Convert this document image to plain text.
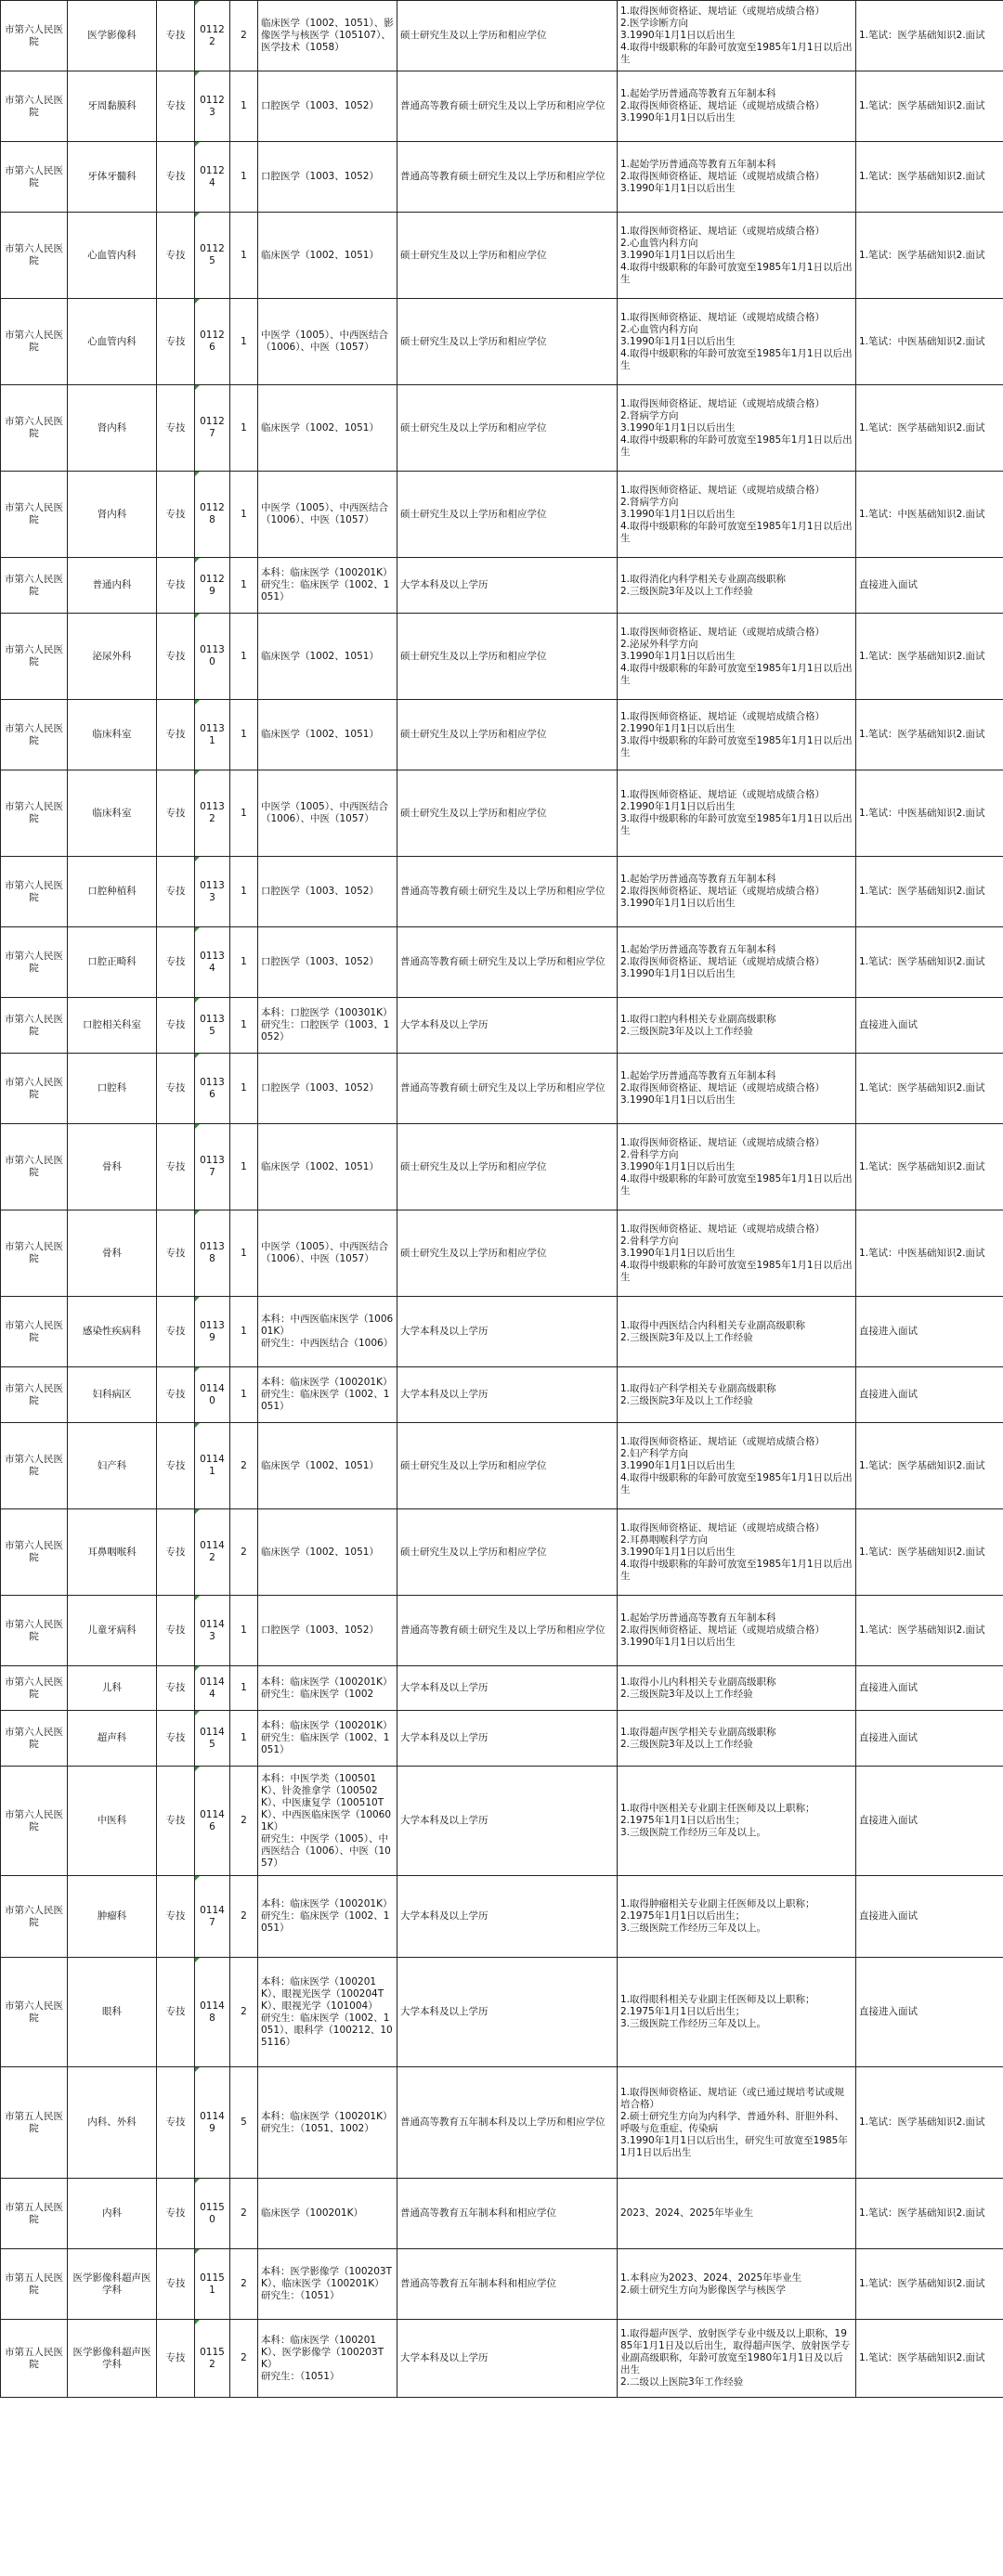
市第六人民医院	医学影像科	专技	01122	2	临床医学（1002、1051）、影像医学与核医学（105107）、医学技术（1058）	硕士研究生及以上学历和相应学位	1.取得医师资格证、规培证（或规培成绩合格）
2.医学诊断方向
3.1990年1月1日以后出生
4.取得中级职称的年龄可放宽至1985年1月1日以后出生	1.笔试：医学基础知识2.面试
市第六人民医院	牙周黏膜科	专技	01123	1	口腔医学（1003、1052）	普通高等教育硕士研究生及以上学历和相应学位	1.起始学历普通高等教育五年制本科
2.取得医师资格证、规培证（或规培成绩合格）
3.1990年1月1日以后出生	1.笔试：医学基础知识2.面试
市第六人民医院	牙体牙髓科	专技	01124	1	口腔医学（1003、1052）	普通高等教育硕士研究生及以上学历和相应学位	1.起始学历普通高等教育五年制本科
2.取得医师资格证、规培证（或规培成绩合格）
3.1990年1月1日以后出生	1.笔试：医学基础知识2.面试
市第六人民医院	心血管内科	专技	01125	1	临床医学（1002、1051）	硕士研究生及以上学历和相应学位	1.取得医师资格证、规培证（或规培成绩合格）
2.心血管内科方向
3.1990年1月1日以后出生
4.取得中级职称的年龄可放宽至1985年1月1日以后出生	1.笔试：医学基础知识2.面试
市第六人民医院	心血管内科	专技	01126	1	中医学（1005）、中西医结合（1006）、中医（1057）	硕士研究生及以上学历和相应学位	1.取得医师资格证、规培证（或规培成绩合格）
2.心血管内科方向
3.1990年1月1日以后出生
4.取得中级职称的年龄可放宽至1985年1月1日以后出生	1.笔试：中医基础知识2.面试
市第六人民医院	肾内科	专技	01127	1	临床医学（1002、1051）	硕士研究生及以上学历和相应学位	1.取得医师资格证、规培证（或规培成绩合格）
2.肾病学方向
3.1990年1月1日以后出生
4.取得中级职称的年龄可放宽至1985年1月1日以后出生	1.笔试：医学基础知识2.面试
市第六人民医院	肾内科	专技	01128	1	中医学（1005）、中西医结合（1006）、中医（1057）	硕士研究生及以上学历和相应学位	1.取得医师资格证、规培证（或规培成绩合格）
2.肾病学方向
3.1990年1月1日以后出生
4.取得中级职称的年龄可放宽至1985年1月1日以后出生	1.笔试：中医基础知识2.面试
市第六人民医院	普通内科	专技	01129	1	本科：临床医学（100201K）
研究生：临床医学（1002、1051）	大学本科及以上学历	1.取得消化内科学相关专业副高级职称
2.三级医院3年及以上工作经验	直接进入面试
市第六人民医院	泌尿外科	专技	01130	1	临床医学（1002、1051）	硕士研究生及以上学历和相应学位	1.取得医师资格证、规培证（或规培成绩合格）
2.泌尿外科学方向
3.1990年1月1日以后出生
4.取得中级职称的年龄可放宽至1985年1月1日以后出生	1.笔试：医学基础知识2.面试
市第六人民医院	临床科室	专技	01131	1	临床医学（1002、1051）	硕士研究生及以上学历和相应学位	1.取得医师资格证、规培证（或规培成绩合格）
2.1990年1月1日以后出生
3.取得中级职称的年龄可放宽至1985年1月1日以后出生	1.笔试：医学基础知识2.面试
市第六人民医院	临床科室	专技	01132	1	中医学（1005）、中西医结合（1006）、中医（1057）	硕士研究生及以上学历和相应学位	1.取得医师资格证、规培证（或规培成绩合格）
2.1990年1月1日以后出生
3.取得中级职称的年龄可放宽至1985年1月1日以后出生	1.笔试：中医基础知识2.面试
市第六人民医院	口腔种植科	专技	01133	1	口腔医学（1003、1052）	普通高等教育硕士研究生及以上学历和相应学位	1.起始学历普通高等教育五年制本科
2.取得医师资格证、规培证（或规培成绩合格）
3.1990年1月1日以后出生	1.笔试：医学基础知识2.面试
市第六人民医院	口腔正畸科	专技	01134	1	口腔医学（1003、1052）	普通高等教育硕士研究生及以上学历和相应学位	1.起始学历普通高等教育五年制本科
2.取得医师资格证、规培证（或规培成绩合格）
3.1990年1月1日以后出生	1.笔试：医学基础知识2.面试
市第六人民医院	口腔相关科室	专技	01135	1	本科：口腔医学（100301K）
研究生：口腔医学（1003、1052）	大学本科及以上学历	1.取得口腔内科相关专业副高级职称
2.三级医院3年及以上工作经验	直接进入面试
市第六人民医院	口腔科	专技	01136	1	口腔医学（1003、1052）	普通高等教育硕士研究生及以上学历和相应学位	1.起始学历普通高等教育五年制本科
2.取得医师资格证、规培证（或规培成绩合格）
3.1990年1月1日以后出生	1.笔试：医学基础知识2.面试
市第六人民医院	骨科	专技	01137	1	临床医学（1002、1051）	硕士研究生及以上学历和相应学位	1.取得医师资格证、规培证（或规培成绩合格）
2.骨科学方向
3.1990年1月1日以后出生
4.取得中级职称的年龄可放宽至1985年1月1日以后出生	1.笔试：医学基础知识2.面试
市第六人民医院	骨科	专技	01138	1	中医学（1005）、中西医结合（1006）、中医（1057）	硕士研究生及以上学历和相应学位	1.取得医师资格证、规培证（或规培成绩合格）
2.骨科学方向
3.1990年1月1日以后出生
4.取得中级职称的年龄可放宽至1985年1月1日以后出生	1.笔试：中医基础知识2.面试
市第六人民医院	感染性疾病科	专技	01139	1	本科：中西医临床医学（100601K）
研究生：中西医结合（1006）	大学本科及以上学历	1.取得中西医结合内科相关专业副高级职称
2.三级医院3年及以上工作经验	直接进入面试
市第六人民医院	妇科病区	专技	01140	1	本科：临床医学（100201K）
研究生：临床医学（1002、1051）	大学本科及以上学历	1.取得妇产科学相关专业副高级职称
2.三级医院3年及以上工作经验	直接进入面试
市第六人民医院	妇产科	专技	01141	2	临床医学（1002、1051）	硕士研究生及以上学历和相应学位	1.取得医师资格证、规培证（或规培成绩合格）
2.妇产科学方向
3.1990年1月1日以后出生
4.取得中级职称的年龄可放宽至1985年1月1日以后出生	1.笔试：医学基础知识2.面试
市第六人民医院	耳鼻咽喉科	专技	01142	2	临床医学（1002、1051）	硕士研究生及以上学历和相应学位	1.取得医师资格证、规培证（或规培成绩合格）
2.耳鼻咽喉科学方向
3.1990年1月1日以后出生
4.取得中级职称的年龄可放宽至1985年1月1日以后出生	1.笔试：医学基础知识2.面试
市第六人民医院	儿童牙病科	专技	01143	1	口腔医学（1003、1052）	普通高等教育硕士研究生及以上学历和相应学位	1.起始学历普通高等教育五年制本科
2.取得医师资格证、规培证（或规培成绩合格）
3.1990年1月1日以后出生	1.笔试：医学基础知识2.面试
市第六人民医院	儿科	专技	01144	1	本科：临床医学（100201K）
研究生：临床医学（1002	大学本科及以上学历	1.取得小儿内科相关专业副高级职称
2.三级医院3年及以上工作经验	直接进入面试
市第六人民医院	超声科	专技	01145	1	本科：临床医学（100201K）
研究生：临床医学（1002、1051）	大学本科及以上学历	1.取得超声医学相关专业副高级职称
2.三级医院3年及以上工作经验	直接进入面试
市第六人民医院	中医科	专技	01146	2	本科：中医学类（100501K）、针灸推拿学（100502K）、中医康复学（100510TK）、中西医临床医学（100601K）
研究生：中医学（1005）、中西医结合（1006）、中医（1057）	大学本科及以上学历	1.取得中医相关专业副主任医师及以上职称；
2.1975年1月1日以后出生；
3.三级医院工作经历三年及以上。	直接进入面试
市第六人民医院	肿瘤科	专技	01147	2	本科：临床医学（100201K）
研究生：临床医学（1002、1051）	大学本科及以上学历	1.取得肿瘤相关专业副主任医师及以上职称；
2.1975年1月1日以后出生；
3.三级医院工作经历三年及以上。	直接进入面试
市第六人民医院	眼科	专技	01148	2	本科：临床医学（100201K）、眼视光医学（100204TK）、眼视光学（101004）
研究生：临床医学（1002、1051）、眼科学（100212、105116）	大学本科及以上学历	1.取得眼科相关专业副主任医师及以上职称；
2.1975年1月1日以后出生；
3.三级医院工作经历三年及以上。	直接进入面试
市第五人民医院	内科、外科	专技	01149	5	本科：临床医学（100201K）
研究生：（1051、1002）	普通高等教育五年制本科及以上学历和相应学位	1.取得医师资格证、规培证（或已通过规培考试或规培合格）
2.硕士研究生方向为内科学、普通外科、肝胆外科、呼吸与危重症、传染病
3.1990年1月1日以后出生，研究生可放宽至1985年1月1日以后出生	1.笔试：医学基础知识2.面试
市第五人民医院	内科	专技	01150	2	临床医学（100201K）	普通高等教育五年制本科和相应学位	2023、2024、2025年毕业生	1.笔试：医学基础知识2.面试
市第五人民医院	医学影像科超声医学科	专技	01151	2	本科：医学影像学（100203TK）、临床医学（100201K）
研究生：（1051）	普通高等教育五年制本科和相应学位	1.本科应为2023、2024、2025年毕业生
2.硕士研究生方向为影像医学与核医学	1.笔试：医学基础知识2.面试
市第五人民医院	医学影像科超声医学科	专技	01152	2	本科：临床医学（100201K）、医学影像学（100203TK）
研究生：（1051）	大学本科及以上学历	1.取得超声医学、放射医学专业中级及以上职称，1985年1月1日及以后出生，取得超声医学、放射医学专业副高级职称，年龄可放宽至1980年1月1日及以后出生
2.二级以上医院3年工作经验	1.笔试：医学基础知识2.面试
